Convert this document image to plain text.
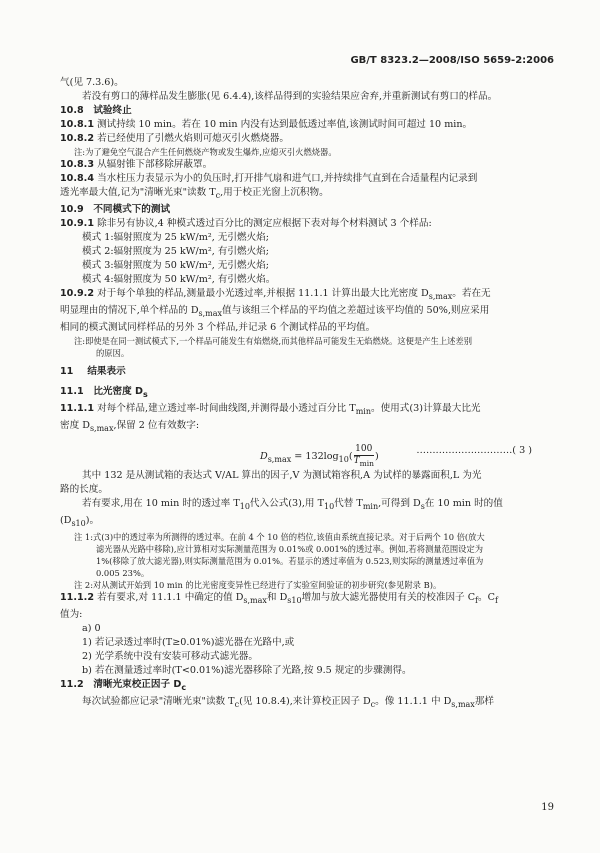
GB/T 8323.2—2008/ISO 5659-2:2006
气(见 7.3.6)。
若没有剪口的薄样品发生膨胀(见 6.4.4),该样品得到的实验结果应舍弃,并重新测试有剪口的样品。
10.8 试验终止
10.8.1 测试持续 10 min。若在 10 min 内没有达到最低透过率值,该测试时间可超过 10 min。
10.8.2 若已经使用了引燃火焰则可熄灭引火燃烧器。
注:为了避免空气混合产生任何燃烧产物或发生爆炸,应熄灭引火燃烧器。
10.8.3 从辐射锥下部移除屏蔽罩。
10.8.4 当水柱压力表显示为小的负压时,打开排气扇和进气口,并持续排气直到在合适量程内记录到
透光率最大值,记为"清晰光束"读数 $T_c$,用于校正光窗上沉积物。
10.9 不同模式下的测试
10.9.1 除非另有协议,4 种模式透过百分比的测定应根据下表对每个材料测试 3 个样品:
模式 1:辐射照度为 25 kW/m², 无引燃火焰;
模式 2:辐射照度为 25 kW/m², 有引燃火焰;
模式 3:辐射照度为 50 kW/m², 无引燃火焰;
模式 4:辐射照度为 50 kW/m², 有引燃火焰。
10.9.2 对于每个单独的样品,测量最小光透过率,并根据 11.1.1 计算出最大比光密度 $D_{s,max}$。若在无
明显理由的情况下,单个样品的 $D_{s,max}$值与该组三个样品的平均值之差超过该平均值的 50%,则应采用
相同的模式测试同样样品的另外 3 个样品,并记录 6 个测试样品的平均值。
注:即使是在同一测试模式下,一个样品可能发生有焰燃烧,而其他样品可能发生无焰燃烧。这便是产生上述差别
的原因。
11 结果表示
11.1 比光密度 $D_s$
11.1.1 对每个样品,建立透过率-时间曲线图,并测得最小透过百分比 $T_{min}$。使用式(3)计算最大比光
密度 $D_{s,max}$,保留 2 位有效数字:
$D_{s,max} = 132\log_{10}( \frac{100}{T_{min}}$ )
…………………………( 3 )
其中 132 是从测试箱的表达式 V/AL 算出的因子,V 为测试箱容积,A 为试样的暴露面积,L 为光
路的长度。
若有要求,用在 10 min 时的透过率 $T_{10}$代入公式(3),用 $T_{10}$代替 $T_{min}$,可得到 $D_s$在 10 min 时的值
$(D_{s10})$。
注 1:式(3)中的透过率为所测得的透过率。在前 4 个 10 倍的档位,该值由系统直接记录。对于后两个 10 倍(放大
滤光器从光路中移除),应计算相对实际测量范围为 0.01%或 0.001%的透过率。例如,若将测量范围设定为
1%(移除了放大滤光器),则实际测量范围为 0.01%。若显示的透过率值为 0.523,则实际的测量透过率值为
0.005 23%。
注 2:对从测试开始到 10 min 的比光密度变异性已经进行了实验室间验证的初步研究(参见附录 B)。
11.1.2 若有要求,对 11.1.1 中确定的值 $D_{s,max}$和 $D_{s10}$增加与放大滤光器使用有关的校准因子 $C_f$。$C_f$
值为:
a) 0
1) 若记录透过率时(T≥0.01%)滤光器在光路中,或
2) 光学系统中没有安装可移动式滤光器。
b) 若在测量透过率时(T<0.01%)滤光器移除了光路,按 9.5 规定的步骤测得。
11.2 清晰光束校正因子 $D_c$
每次试验都应记录"清晰光束"读数 $T_c$(见 10.8.4),来计算校正因子 $D_c$。像 11.1.1 中 $D_{s,max}$那样
19
